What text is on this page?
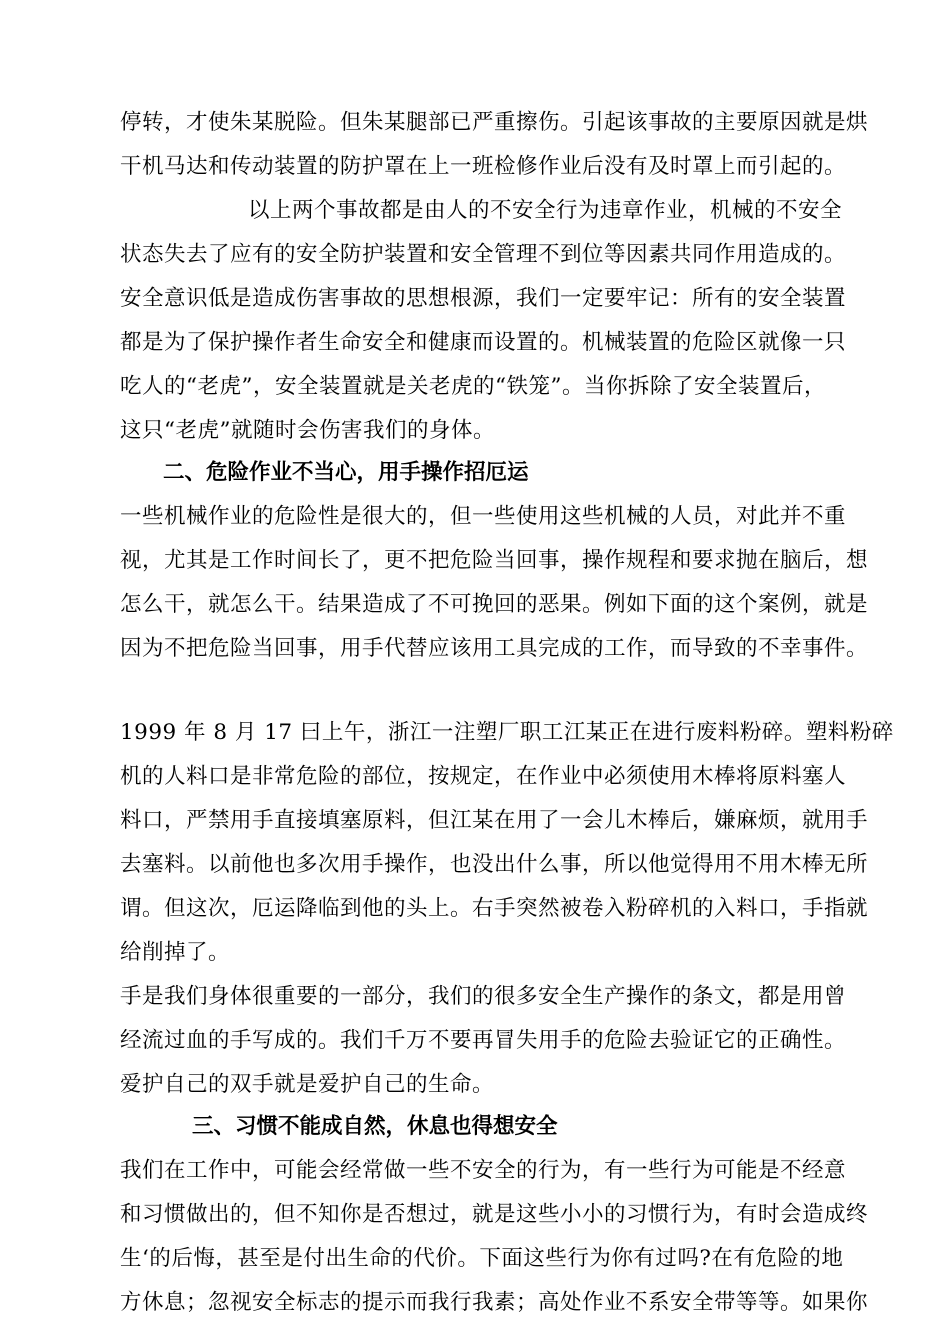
停转，才使朱某脱险。但朱某腿部已严重擦伤。引起该事故的主要原因就是烘
干机马达和传动装置的防护罩在上一班检修作业后没有及时罩上而引起的。
以上两个事故都是由人的不安全行为违章作业，机械的不安全
状态失去了应有的安全防护装置和安全管理不到位等因素共同作用造成的。
安全意识低是造成伤害事故的思想根源，我们一定要牢记：所有的安全装置
都是为了保护操作者生命安全和健康而设置的。机械装置的危险区就像一只
吃人的“老虎”，安全装置就是关老虎的“铁笼”。当你拆除了安全装置后，
这只“老虎”就随时会伤害我们的身体。
二、危险作业不当心，用手操作招厄运
一些机械作业的危险性是很大的，但一些使用这些机械的人员，对此并不重
视，尤其是工作时间长了，更不把危险当回事，操作规程和要求抛在脑后，想
怎么干，就怎么干。结果造成了不可挽回的恶果。例如下面的这个案例，就是
因为不把危险当回事，用手代替应该用工具完成的工作，而导致的不幸事件。
1999 年 8 月 17 曰上午，浙江一注塑厂职工江某正在进行废料粉碎。塑料粉碎
机的人料口是非常危险的部位，按规定，在作业中必须使用木棒将原料塞人
料口，严禁用手直接填塞原料，但江某在用了一会儿木棒后，嫌麻烦，就用手
去塞料。以前他也多次用手操作，也没出什么事，所以他觉得用不用木棒无所
谓。但这次，厄运降临到他的头上。右手突然被卷入粉碎机的入料口，手指就
给削掉了。
手是我们身体很重要的一部分，我们的很多安全生产操作的条文，都是用曾
经流过血的手写成的。我们千万不要再冒失用手的危险去验证它的正确性。
爱护自己的双手就是爱护自己的生命。
三、习惯不能成自然，休息也得想安全
我们在工作中，可能会经常做一些不安全的行为，有一些行为可能是不经意
和习惯做出的，但不知你是否想过，就是这些小小的习惯行为，有时会造成终
生‘的后悔，甚至是付出生命的代价。下面这些行为你有过吗?在有危险的地
方休息；忽视安全标志的提示而我行我素；高处作业不系安全带等等。如果你
